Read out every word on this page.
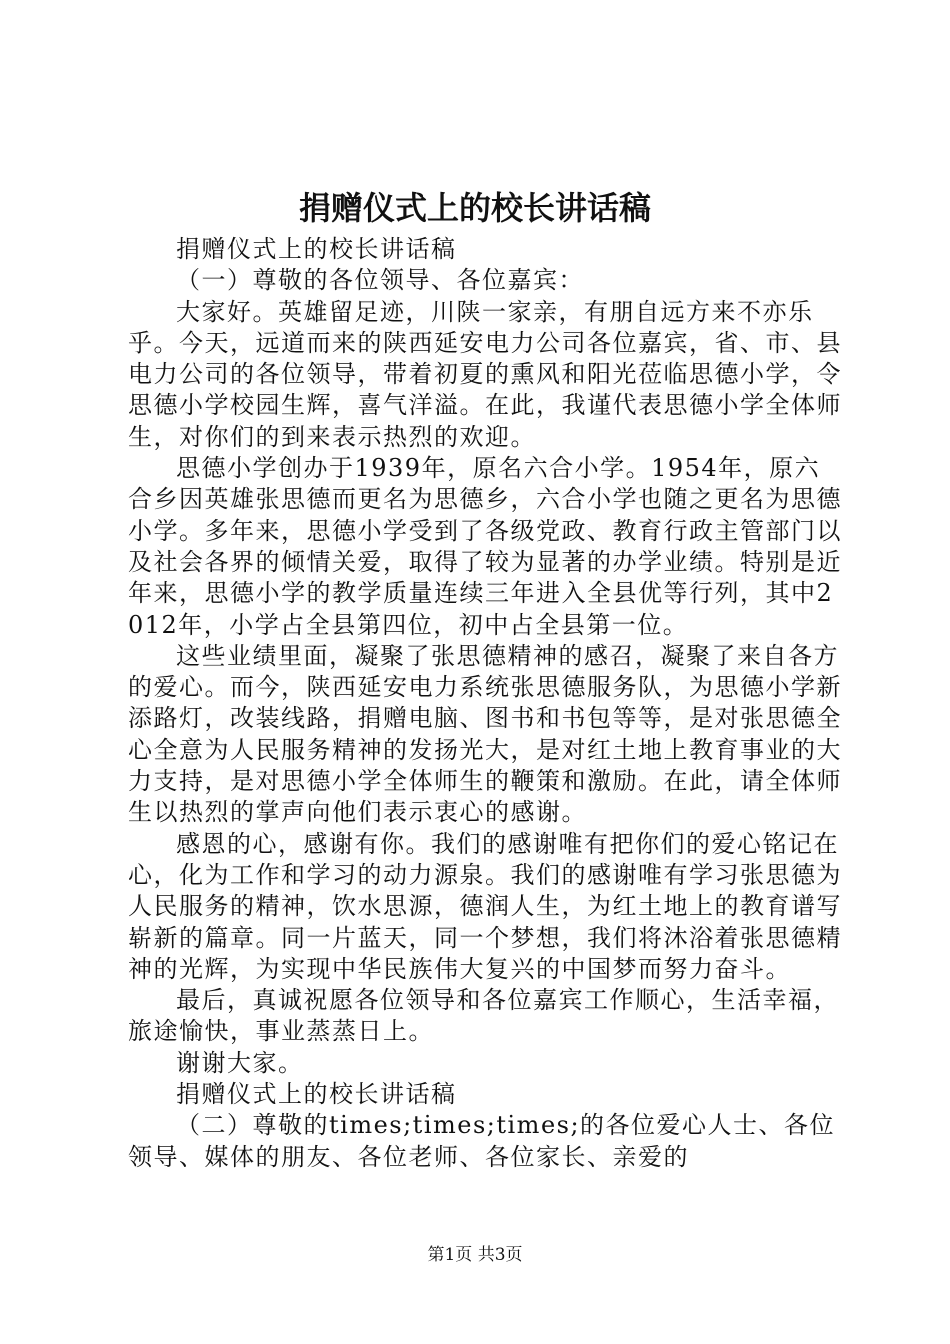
捐赠仪式上的校长讲话稿

捐赠仪式上的校长讲话稿

（一）尊敬的各位领导、各位嘉宾：

大家好。英雄留足迹，川陕一家亲，有朋自远方来不亦乐乎。今天，远道而来的陕西延安电力公司各位嘉宾，省、市、县电力公司的各位领导，带着初夏的熏风和阳光莅临思德小学，令思德小学校园生辉，喜气洋溢。在此，我谨代表思德小学全体师生，对你们的到来表示热烈的欢迎。

思德小学创办于1939年，原名六合小学。1954年，原六合乡因英雄张思德而更名为思德乡，六合小学也随之更名为思德小学。多年来，思德小学受到了各级党政、教育行政主管部门以及社会各界的倾情关爱，取得了较为显著的办学业绩。特别是近年来，思德小学的教学质量连续三年进入全县优等行列，其中2012年，小学占全县第四位，初中占全县第一位。

这些业绩里面，凝聚了张思德精神的感召，凝聚了来自各方的爱心。而今，陕西延安电力系统张思德服务队，为思德小学新添路灯，改装线路，捐赠电脑、图书和书包等等，是对张思德全心全意为人民服务精神的发扬光大，是对红土地上教育事业的大力支持，是对思德小学全体师生的鞭策和激励。在此，请全体师生以热烈的掌声向他们表示衷心的感谢。

感恩的心，感谢有你。我们的感谢唯有把你们的爱心铭记在心，化为工作和学习的动力源泉。我们的感谢唯有学习张思德为人民服务的精神，饮水思源，德润人生，为红土地上的教育谱写崭新的篇章。同一片蓝天，同一个梦想，我们将沐浴着张思德精神的光辉，为实现中华民族伟大复兴的中国梦而努力奋斗。

最后，真诚祝愿各位领导和各位嘉宾工作顺心，生活幸福，旅途愉快，事业蒸蒸日上。

谢谢大家。

捐赠仪式上的校长讲话稿

（二）尊敬的times;times;times;的各位爱心人士、各位领导、媒体的朋友、各位老师、各位家长、亲爱的

第1页 共3页
